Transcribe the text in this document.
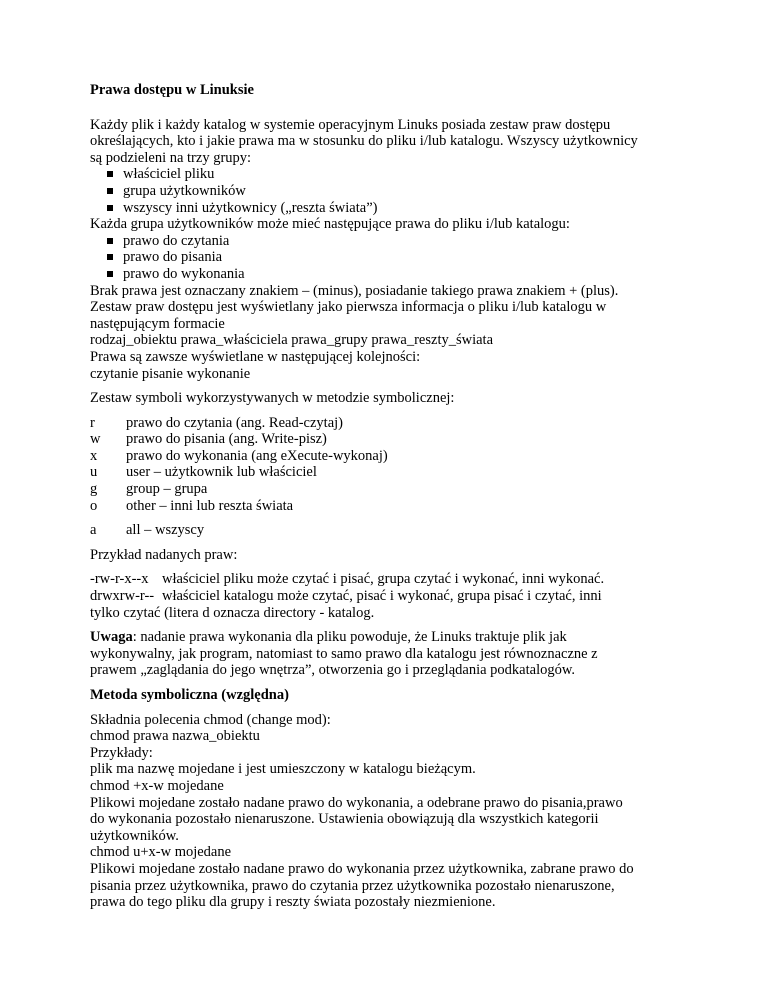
Prawa dostępu w Linuksie
Każdy plik i każdy katalog w systemie operacyjnym Linuks posiada zestaw praw dostępu
określających, kto i jakie prawa ma w stosunku do pliku i/lub katalogu. Wszyscy użytkownicy
są podzieleni na trzy grupy:
właściciel pliku
grupa użytkowników
wszyscy inni użytkownicy („reszta świata”)
Każda grupa użytkowników może mieć następujące prawa do pliku i/lub katalogu:
prawo do czytania
prawo do pisania
prawo do wykonania
Brak prawa jest oznaczany znakiem – (minus), posiadanie takiego prawa znakiem + (plus).
Zestaw praw dostępu jest wyświetlany jako pierwsza informacja o pliku i/lub katalogu w
następującym formacie
rodzaj_obiektu prawa_właściciela prawa_grupy prawa_reszty_świata
Prawa są zawsze wyświetlane w następującej kolejności:
czytanie pisanie wykonanie
Zestaw symboli wykorzystywanych w metodzie symbolicznej:
r	prawo do czytania (ang. Read-czytaj)
w	prawo do pisania (ang. Write-pisz)
x	prawo do wykonania (ang eXecute-wykonaj)
u	user – użytkownik lub właściciel
g	group – grupa
o	other – inni lub reszta świata
a	all – wszyscy
Przykład nadanych praw:
-rw-r-x--x właściciel pliku może czytać i pisać, grupa czytać i wykonać, inni wykonać.
drwxrw-r-- właściciel katalogu może czytać, pisać i wykonać, grupa pisać i czytać, inni
tylko czytać (litera d oznacza directory - katalog.
Uwaga: nadanie prawa wykonania dla pliku powoduje, że Linuks traktuje plik jak
wykonywalny, jak program, natomiast to samo prawo dla katalogu jest równoznaczne z
prawem „zaglądania do jego wnętrza”, otworzenia go i przeglądania podkatalogów.
Metoda symboliczna (względna)
Składnia polecenia chmod (change mod):
chmod prawa nazwa_obiektu
Przykłady:
plik ma nazwę mojedane i jest umieszczony w katalogu bieżącym.
chmod +x-w mojedane
Plikowi mojedane zostało nadane prawo do wykonania, a odebrane prawo do pisania,prawo
do wykonania pozostało nienaruszone. Ustawienia obowiązują dla wszystkich kategorii
użytkowników.
chmod u+x-w mojedane
Plikowi mojedane zostało nadane prawo do wykonania przez użytkownika, zabrane prawo do
pisania przez użytkownika, prawo do czytania przez użytkownika pozostało nienaruszone,
prawa do tego pliku dla grupy i reszty świata pozostały niezmienione.
